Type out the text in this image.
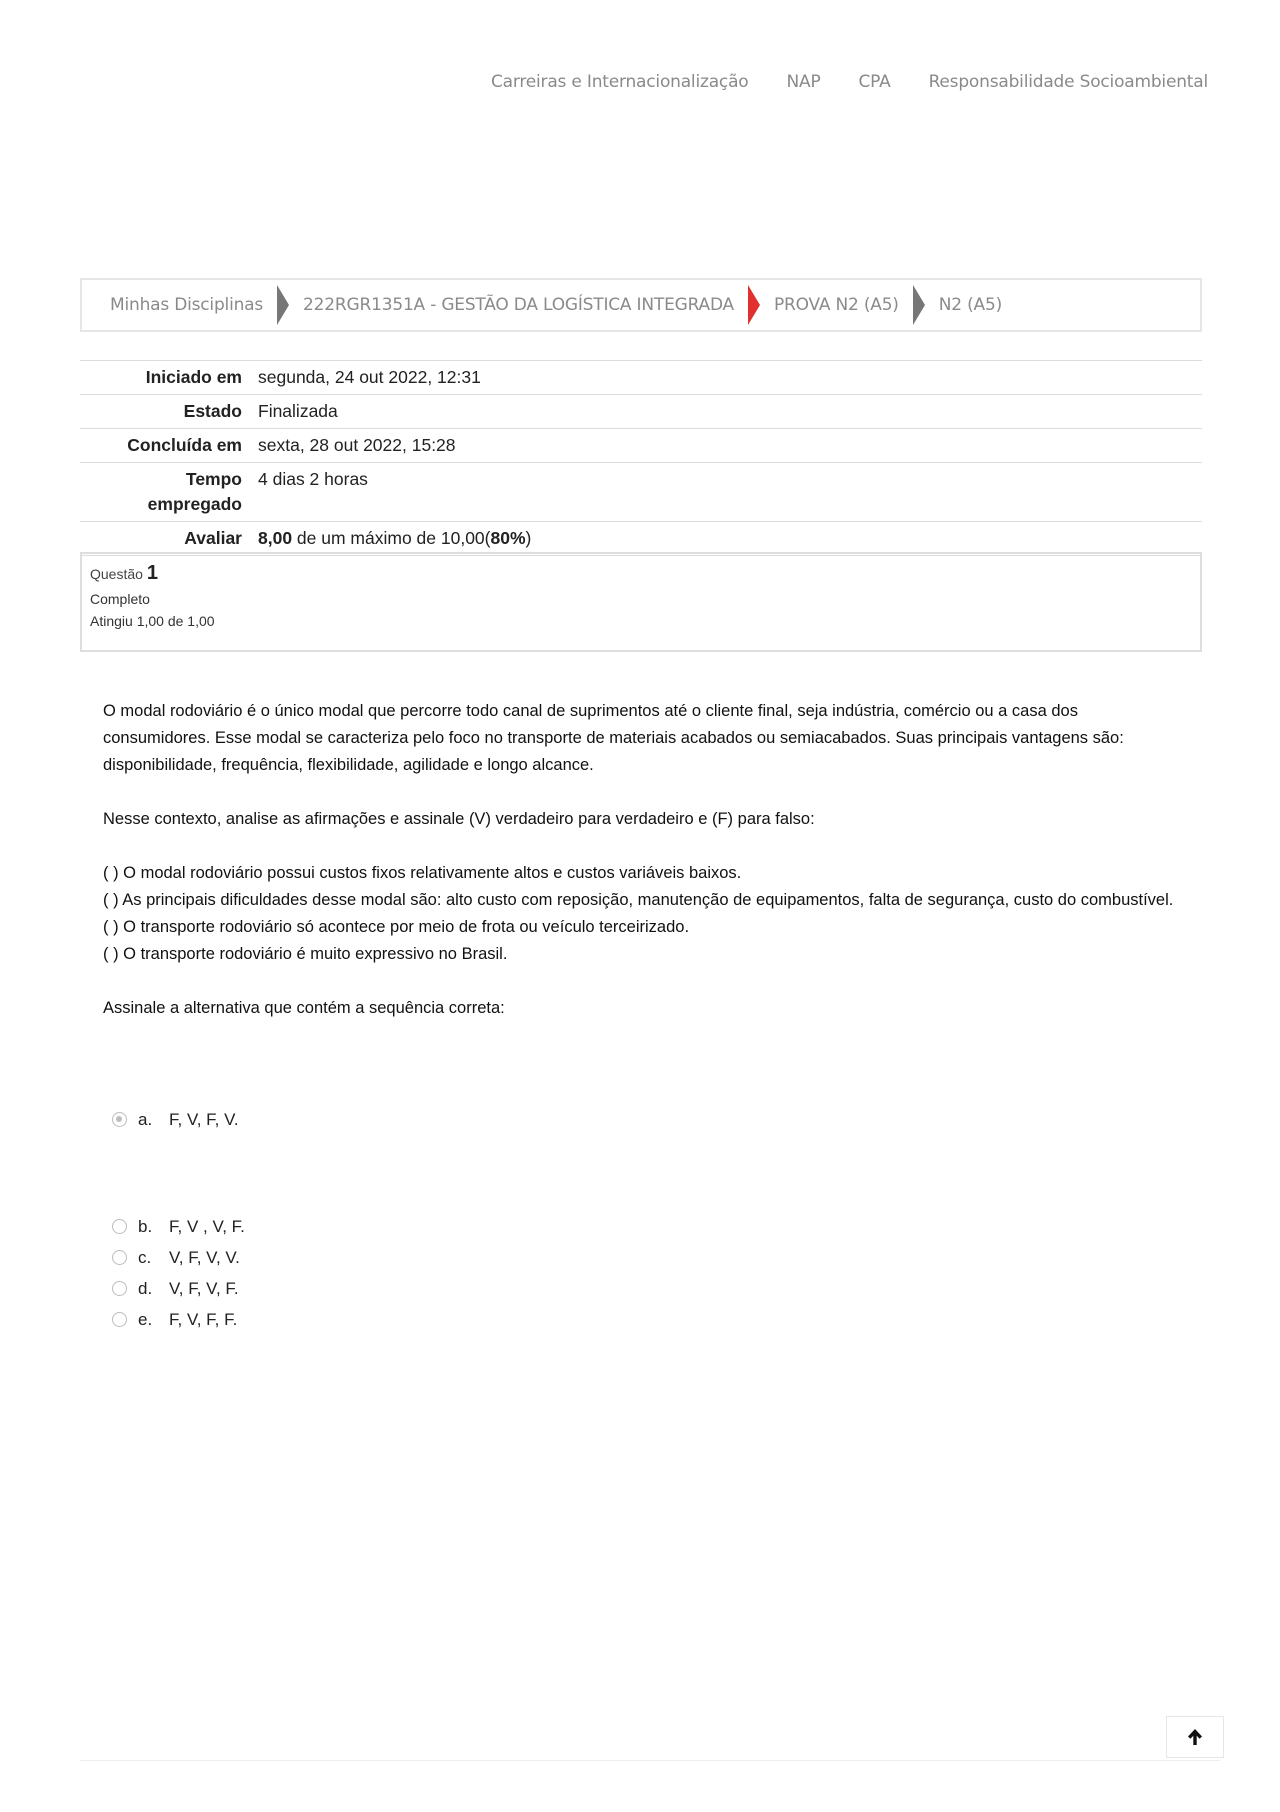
Carreiras e Internacionalização NAP CPA Responsabilidade Socioambiental
Minhas Disciplinas 222RGR1351A - GESTÃO DA LOGÍSTICA INTEGRADA PROVA N2 (A5) N2 (A5)
Iniciado em	segunda, 24 out 2022, 12:31
Estado	Finalizada
Concluída em	sexta, 28 out 2022, 15:28
Tempo
empregado	4 dias 2 horas
Avaliar	8,00 de um máximo de 10,00(80%)
Questão 1
Completo
Atingiu 1,00 de 1,00

O modal rodoviário é o único modal que percorre todo canal de suprimentos até o cliente final, seja indústria, comércio ou a casa dos consumidores. Esse modal se caracteriza pelo foco no transporte de materiais acabados ou semiacabados. Suas principais vantagens são: disponibilidade, frequência, flexibilidade, agilidade e longo alcance.

Nesse contexto, analise as afirmações e assinale (V) verdadeiro para verdadeiro e (F) para falso:

( ) O modal rodoviário possui custos fixos relativamente altos e custos variáveis baixos.
( ) As principais dificuldades desse modal são: alto custo com reposição, manutenção de equipamentos, falta de segurança, custo do combustível.
( ) O transporte rodoviário só acontece por meio de frota ou veículo terceirizado.
( ) O transporte rodoviário é muito expressivo no Brasil.

Assinale a alternativa que contém a sequência correta:

a. F, V, F, V.
b. F, V , V, F.
c.	V, F, V, V.
d. V, F, V, F.
e. F, V, F, F.
